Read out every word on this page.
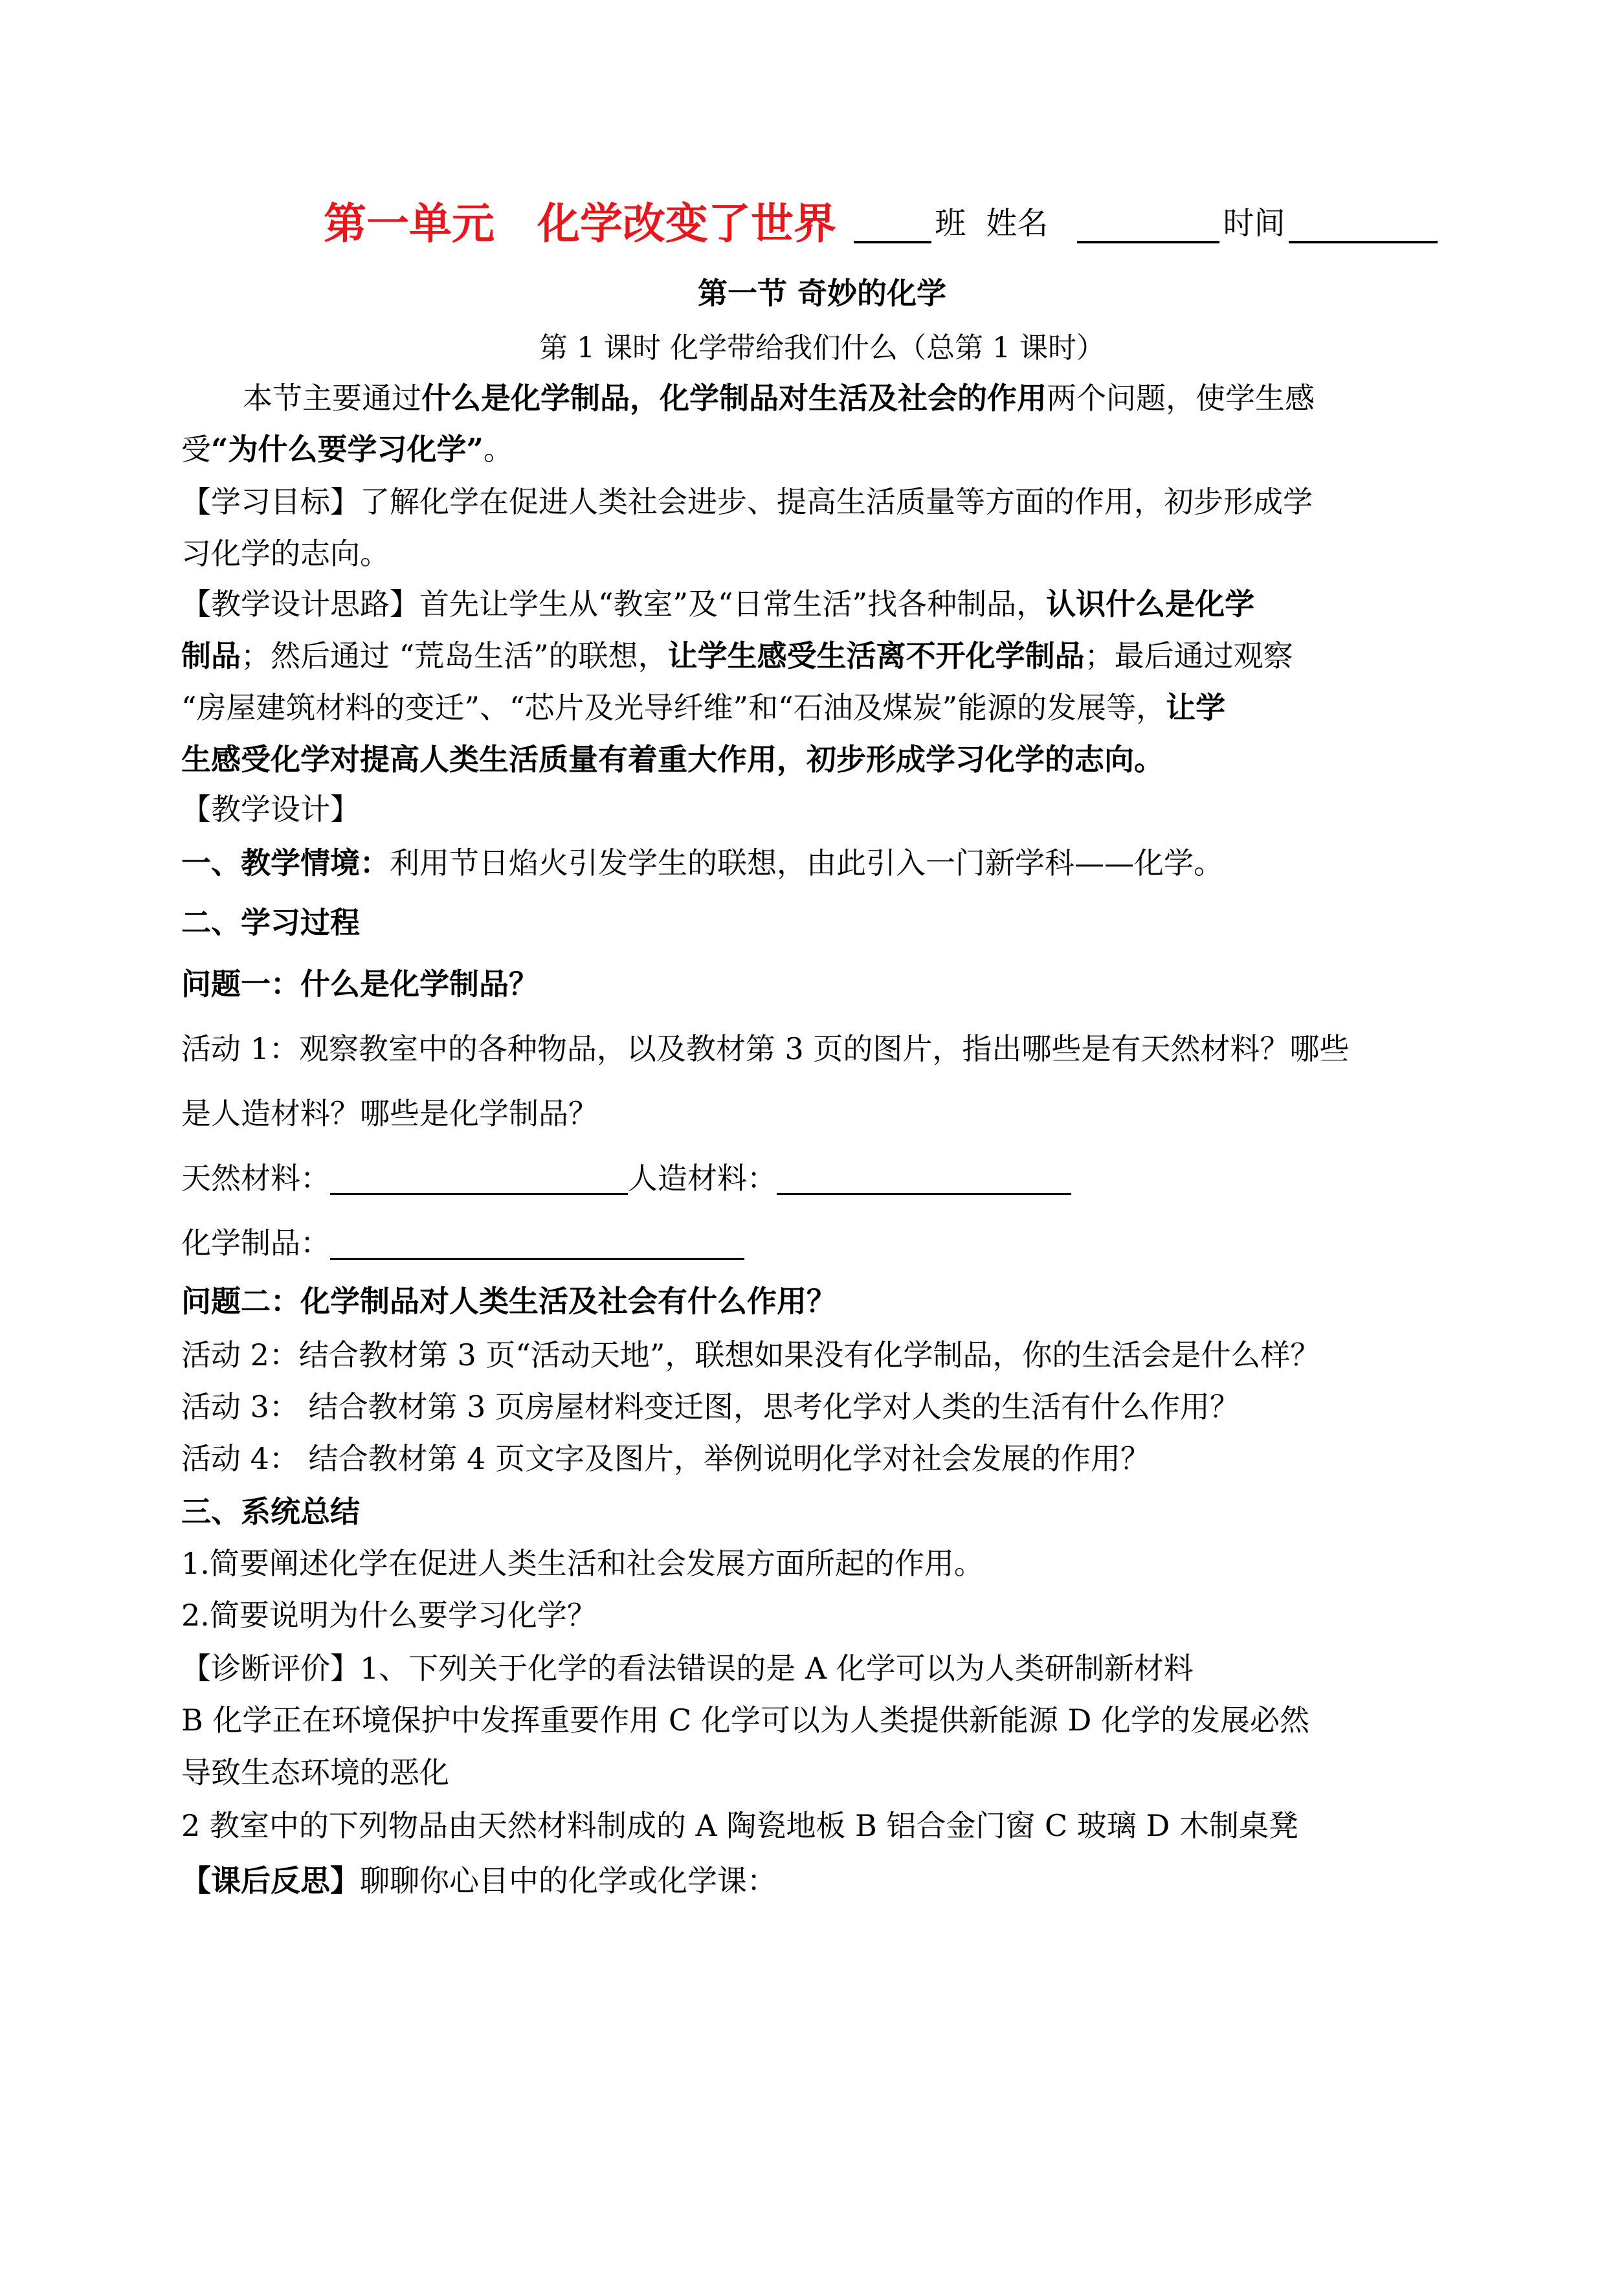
第一单元　化学改变了世界	班 姓名	时间
第一节 奇妙的化学
第 1 课时 化学带给我们什么（总第 1 课时）
本节主要通过什么是化学制品，化学制品对生活及社会的作用两个问题，使学生感
受“为什么要学习化学”。
【学习目标】了解化学在促进人类社会进步、提高生活质量等方面的作用，初步形成学
习化学的志向。
【教学设计思路】首先让学生从“教室”及“日常生活”找各种制品，认识什么是化学
制品；然后通过 “荒岛生活”的联想，让学生感受生活离不开化学制品；最后通过观察
“房屋建筑材料的变迁”、“芯片及光导纤维”和“石油及煤炭”能源的发展等，让学
生感受化学对提高人类生活质量有着重大作用，初步形成学习化学的志向。
【教学设计】
一、教学情境：利用节日焰火引发学生的联想，由此引入一门新学科——化学。
二、学习过程
问题一：什么是化学制品？
活动 1：观察教室中的各种物品，以及教材第 3 页的图片，指出哪些是有天然材料？哪些
是人造材料？哪些是化学制品？
天然材料：	人造材料：
化学制品：
问题二：化学制品对人类生活及社会有什么作用？
活动 2：结合教材第 3 页“活动天地”，联想如果没有化学制品，你的生活会是什么样？
活动 3： 结合教材第 3 页房屋材料变迁图，思考化学对人类的生活有什么作用？
活动 4： 结合教材第 4 页文字及图片，举例说明化学对社会发展的作用？
三、系统总结
1.简要阐述化学在促进人类生活和社会发展方面所起的作用。
2.简要说明为什么要学习化学？
【诊断评价】1、下列关于化学的看法错误的是 A 化学可以为人类研制新材料
B 化学正在环境保护中发挥重要作用 C 化学可以为人类提供新能源 D 化学的发展必然
导致生态环境的恶化
2 教室中的下列物品由天然材料制成的 A 陶瓷地板 B 铝合金门窗 C 玻璃 D 木制桌凳
【课后反思】聊聊你心目中的化学或化学课：
